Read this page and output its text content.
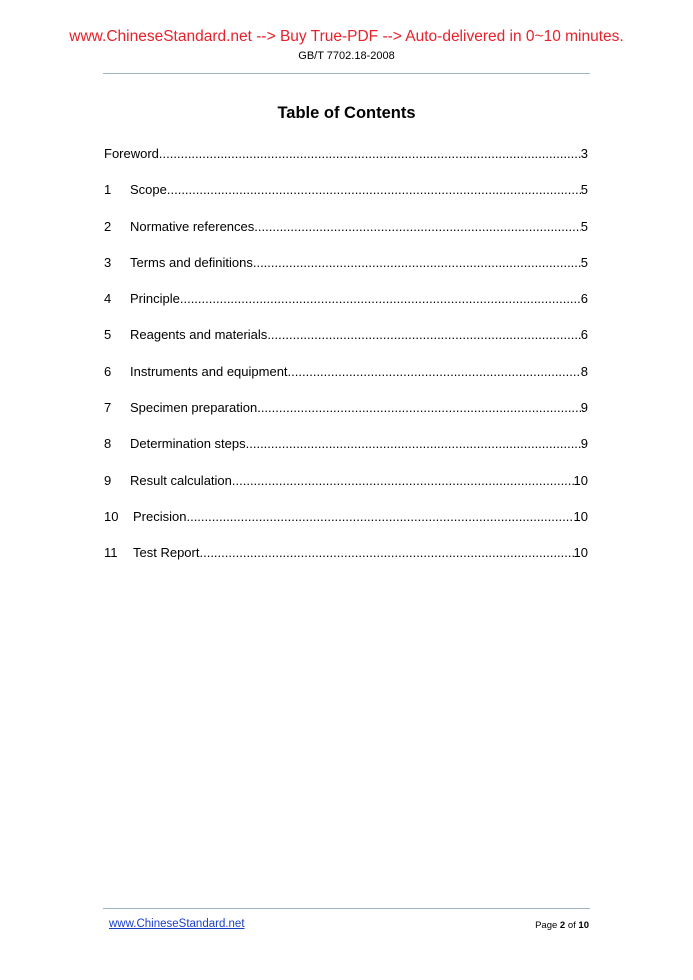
www.ChineseStandard.net --> Buy True-PDF --> Auto-delivered in 0~10 minutes.
GB/T 7702.18-2008
Table of Contents
Foreword .....	3
1	Scope .....	5
2	Normative references .....	5
3	Terms and definitions .....	5
4	Principle .....	6
5	Reagents and materials .....	6
6	Instruments and equipment .....	8
7	Specimen preparation .....	9
8	Determination steps .....	9
9	Result calculation .....	10
10	Precision .....	10
11	Test Report .....	10
www.ChineseStandard.net	Page 2 of 10
